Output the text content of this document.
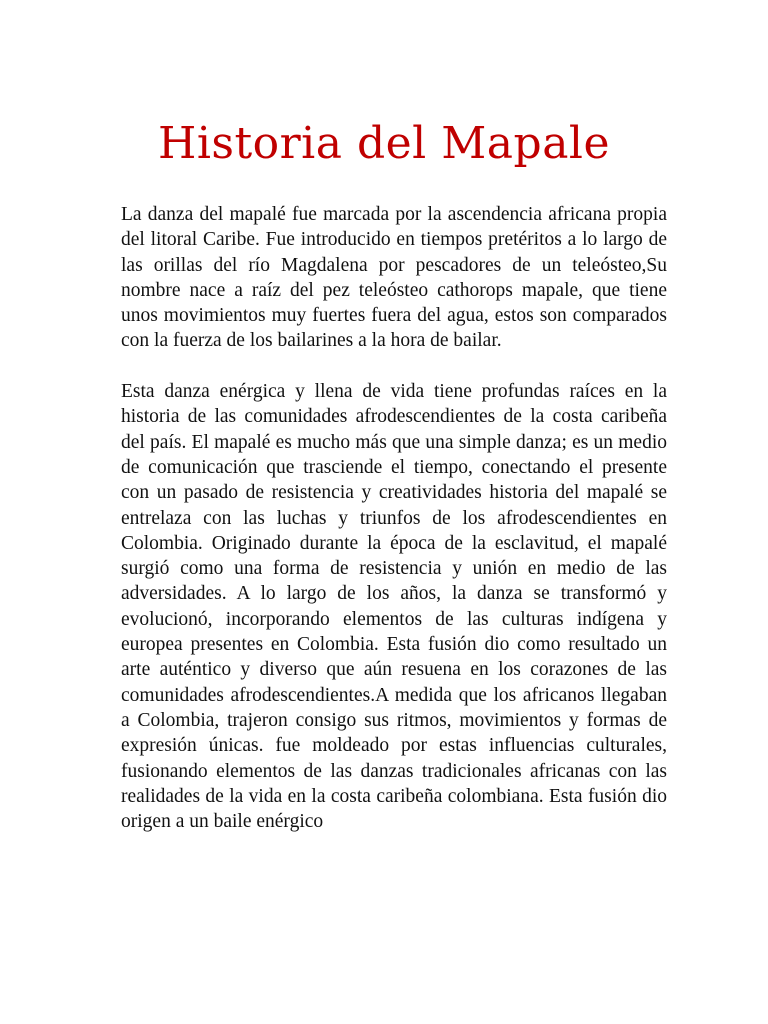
Historia del Mapale

La danza del mapalé fue marcada por la ascendencia africana propia del litoral Caribe. Fue introducido en tiempos pretéritos a lo largo de las orillas del río Magdalena por pescadores de un teleósteo,Su nombre nace a raíz del pez teleósteo cathorops mapale, que tiene unos movimientos muy fuertes fuera del agua, estos son comparados con la fuerza de los bailarines a la hora de bailar.

Esta danza enérgica y llena de vida tiene profundas raíces en la historia de las comunidades afrodescendientes de la costa caribeña del país. El mapalé es mucho más que una simple danza; es un medio de comunicación que trasciende el tiempo, conectando el presente con un pasado de resistencia y creatividades historia del mapalé se entrelaza con las luchas y triunfos de los afrodescendientes en Colombia. Originado durante la época de la esclavitud, el mapalé surgió como una forma de resistencia y unión en medio de las adversidades. A lo largo de los años, la danza se transformó y evolucionó, incorporando elementos de las culturas indígena y europea presentes en Colombia. Esta fusión dio como resultado un arte auténtico y diverso que aún resuena en los corazones de las comunidades afrodescendientes.A medida que los africanos llegaban a Colombia, trajeron consigo sus ritmos, movimientos y formas de expresión únicas. fue moldeado por estas influencias culturales, fusionando elementos de las danzas tradicionales africanas con las realidades de la vida en la costa caribeña colombiana. Esta fusión dio origen a un baile enérgico
